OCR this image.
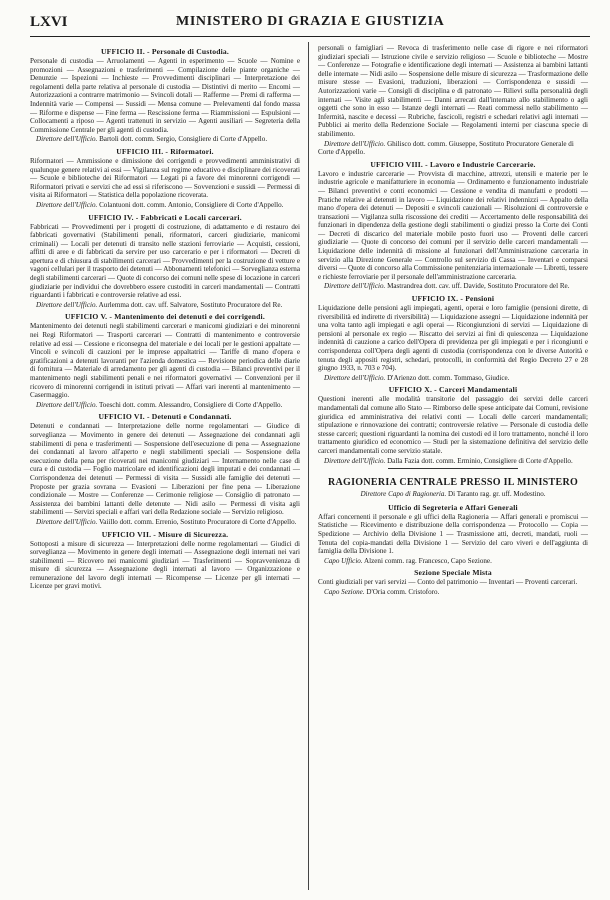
LXVI	MINISTERO DI GRAZIA E GIUSTIZIA
UFFICIO II. - Personale di Custodia.

Personale di custodia — Arruolamenti — Agenti in esperimento — Scuole — Nomine e promozioni — Assegnazioni e trasferimenti — Compilazione delle piante organiche — Denunzie — Ispezioni — Inchieste — Provvedimenti disciplinari — Interpretazione dei regolamenti della parte relativa al personale di custodia — Distintivi di merito — Encomi — Autorizzazioni a contrarre matrimonio — Svincoli dotali — Rafferme — Premi di rafferma — Indennità varie — Compensi — Sussidi — Mensa comune — Prelevamenti dal fondo massa — Riforme e dispense — Fine ferma — Rescissione ferma — Riammissioni — Espulsioni — Collocamenti a riposo — Agenti trattenuti in servizio — Agenti ausiliari — Segreteria della Commissione Centrale per gli agenti di custodia.

Direttore dell'Ufficio. Bartoli dott. comm. Sergio, Consigliere di Corte d'Appello.

UFFICIO III. - Riformatori.

Riformatori — Ammissione e dimissione dei corrigendi e provvedimenti amministrativi di qualunque genere relativi ai essi — Vigilanza sul regime educativo e disciplinare dei ricoverati — Scuole e biblioteche dei Riformatori — Legati pi a favore dei minorenni corrigendi — Riformatori privati e servizi che ad essi si riferiscono — Sovvenzioni e sussidi — Permessi di visita ai Riformatori — Statistica della popolazione ricoverata.

Direttore dell'Ufficio. Colantuoni dott. comm. Antonio, Consigliere di Corte d'Appello.

UFFICIO IV. - Fabbricati e Locali carcerari.

Fabbricati — Provvedimenti per i progetti di costruzione, di adattamento e di restauro dei fabbricati governativi (Stabilimenti penali, riformatori, carceri giudiziarie, manicomi criminali) — Locali per detenuti di transito nelle stazioni ferroviarie — Acquisti, cessioni, affitti di aree e di fabbricati da servire per uso carcerario e per i riformatori — Decreti di apertura e di chiusura di stabilimenti carcerari — Provvedimenti per la costruzione di vetture e vagoni cellulari per il trasporto dei detenuti — Abbonamenti telefonici — Sorveglianza esterna degli stabilimenti carcerari — Quote di concorso dei comuni nelle spese di locazione in carceri giudiziarie per individui che dovrebbero essere custoditi in carceri mandamentali — Contratti riguardanti i fabbricati e controversie relative ad essi.

Direttore dell'Ufficio. Aurlemma dott. cav. uff. Salvatore, Sostituto Procuratore del Re.

UFFICIO V. - Mantenimento dei detenuti e dei corrigendi.

Mantenimento dei detenuti negli stabilimenti carcerari e manicomi giudiziari e dei minorenni nei Regi Riformatori — Trasporti carcerari — Contratti di mantenimento e controversie relative ad essi — Cessione e riconsegna del materiale e dei locali per le gestioni appaltate — Vincoli e svincoli di cauzioni per le imprese appaltatrici — Tariffe di mano d'opera e gratificazioni a detenuti lavoranti per l'azienda domestica — Revisione periodica delle diarie di fornitura — Materiale di arredamento per gli agenti di custodia — Bilanci preventivi per il mantenimento negli stabilimenti penali e nei riformatori governativi — Convenzioni per il ricovero di minorenni corrigendi in istituti privati — Affari vari inerenti al mantenimento — Casermaggio.

Direttore dell'Ufficio. Toeschi dott. comm. Alessandro, Consigliere di Corte d'Appello.

UFFICIO VI. - Detenuti e Condannati.

Detenuti e condannati — Interpretazione delle norme regolamentari — Giudice di sorveglianza — Movimento in genere dei detenuti — Assegnazione dei condannati agli stabilimenti di pena e trasferimenti — Sospensione dell'esecuzione di pena — Assegnazione dei condannati al lavoro all'aperto e negli stabilimenti speciali — Sospensione della esecuzione della pena per ricoverati nei manicomi giudiziari — Internamento nelle case di cura e di custodia — Foglio matricolare ed identificazioni degli imputati e dei condannati — Corrispondenza dei detenuti — Permessi di visita — Sussidi alle famiglie dei detenuti — Proposte per grazia sovrana — Evasioni — Liberazioni per fine pena — Liberazione condizionale — Mostre — Conferenze — Cerimonie religiose — Consiglio di patronato — Assistenza dei bambini lattanti delle detenute — Nidi asilo — Permessi di visita agli stabilimenti — Servizi speciali e affari vari della Redazione sociale — Servizio religioso.

Direttore dell'Ufficio. Vaiillo dott. comm. Errenio, Sostituto Procuratore di Corte d'Appello.

UFFICIO VII. - Misure di Sicurezza.

Sottoposti a misure di sicurezza — Interpretazioni delle norme regolamentari — Giudici di sorveglianza — Movimento in genere degli internati — Assegnazione degli internati nei vari stabilimenti — Ricovero nei manicomi giudiziari — Trasferimenti — Sopravvenienza di misure di sicurezza — Assegnazione degli internati al lavoro — Organizzazione e remunerazione del lavoro degli internati — Ricompense — Licenze per gli internati — Licenze per gravi motivi.

personali o famigliari — Revoca di trasferimento nelle case di rigore e nei riformatori giudiziari speciali — Istruzione civile e servizio religioso — Scuole e biblioteche — Mostre — Conferenze — Fotografie e identificazione degli internati — Assistenza ai bambini lattanti delle internate — Nidi asilo — Sospensione delle misure di sicurezza — Trasformazione delle misure stesse — Evasioni, traduzioni, liberazioni — Corrispondenza e sussidi — Autorizzazioni varie — Consigli di disciplina e di patronato — Rilievi sulla personalità degli internati — Visite agli stabilimenti — Danni arrecati dall'internato allo stabilimento o agli oggetti che sono in esso — Istanze degli internati — Reati commessi nello stabilimento — Infermità, nascite e decessi — Rubriche, fascicoli, registri e schedari relativi agli internati — Pubblici ai merito della Redenzione Sociale — Regolamenti interni per ciascuna specie di stabilimento.

Direttore dell'Ufficio. Ghilisco dott. comm. Giuseppe, Sostituto Procuratore Generale di Corte d'Appello.

UFFICIO VIII. - Lavoro e Industrie Carcerarie.

Lavoro e industrie carcerarie — Provvista di macchine, attrezzi, utensili e materie per le industrie agricole e manifatturiere in economia — Ordinamento e funzionamento industriale — Bilanci preventivi e conti economici — Cessione e vendita di manufatti e prodotti — Pratiche relative ai detenuti in lavoro — Liquidazione dei relativi indennizzi — Appalto della mano d'opera dei detenuti — Depositi e svincoli cauzionali — Risoluzioni di controversie e transazioni — Vigilanza sulla riscossione dei crediti — Accertamento delle responsabilità dei funzionari in dipendenza della gestione degli stabilimenti o giudizi presso la Corte dei Conti — Decreti di discarico del materiale mobile posto fuori uso — Proventi delle carceri giudiziarie — Quote di concorso dei comuni per il servizio delle carceri mandamentali — Liquidazione delle indennità di missione al funzionari dell'Amministrazione carceraria in servizio alla Direzione Generale — Controllo sul servizio di Cassa — Inventari e comparsi diversi — Quote di concorso alla Commissione penitenziaria internazionale — Libretti, tessere e richieste ferroviarie per il personale dell'amministrazione carceraria.

Direttore dell'Ufficio. Mastrandrea dott. cav. uff. Davide, Sostituto Procuratore del Re.

UFFICIO IX. - Pensioni

Liquidazione delle pensioni agli impiegati, agenti, operai e loro famiglie (pensioni dirette, di riversibilità ed indirette di riversibilità) — Liquidazione assegni — Liquidazione indennità per una volta tanto agli impiegati e agli operai — Ricongiunzioni di servizi — Liquidazione di pensioni al personale ex regio — Riscatto dei servizi ai fini di quiescenza — Liquidazione indennità di cauzione a carico dell'Opera di previdenza per gli impiegati e per i ricongiunti e corrispondenza coll'Opera degli agenti di custodia (corrispondenza con le diverse Autorità e tenuta degli appositi registri, schedari, protocolli, in conformità del Regio Decreto 27 e 28 giugno 1933, n. 703 e 704).

Direttore dell'Ufficio. D'Arienzo dott. comm. Tommaso, Giudice.

UFFICIO X. - Carceri Mandamentali

Questioni inerenti alle modalità transitorie del passaggio dei servizi delle carceri mandamentali dal comune allo Stato — Rimborso delle spese anticipate dai Comuni, revisione giuridica ed amministrativa dei relativi conti — Locali delle carceri mandamentali; stipulazione e rinnovazione dei contratti; controversie relative — Personale di custodia delle stesse carceri; questioni riguardanti la nomina dei custodi ed il loro trattamento, nonché il loro trattamento giuridico ed economico — Studi per la sistemazione definitiva del servizio delle carceri mandamentali come servizio statale.

Direttore dell'Ufficio. Dalla Fazia dott. comm. Erminio, Consigliere di Corte d'Appello.

RAGIONERIA CENTRALE PRESSO IL MINISTERO
Direttore Capo di Ragioneria. Di Taranto rag. gr. uff. Modestino.
Ufficio di Segreteria e Affari Generali

Affari concernenti il personale e gli uffici della Ragioneria — Affari generali e promiscui — Statistiche — Ricevimento e distribuzione della corrispondenza — Protocollo — Copia — Spedizione — Archivio della Divisione 1 — Trasmissione atti, decreti, mandati, ruoli — Tenuta del copia-mandati della Divisione 1 — Servizio del caro viveri e dell'aggiunta di famiglia della Divisione 1.

Capo Ufficio. Alzeni comm. rag. Francesco, Capo Sezione.

Sezione Speciale Mista

Conti giudiziali per vari servizi — Conto del patrimonio — Inventari — Proventi carcerari.

Capo Sezione. D'Oria comm. Cristoforo.
